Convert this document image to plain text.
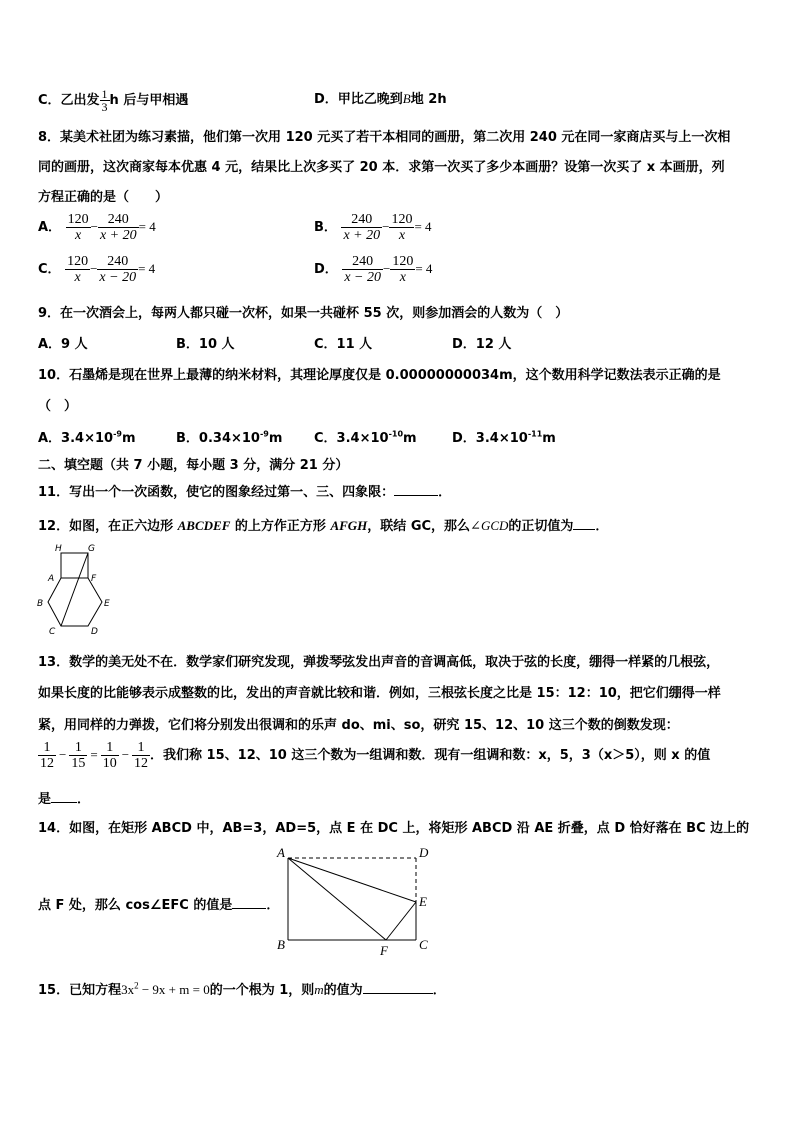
C．乙出发 $\frac{1}{3}$ h 后与甲相遇	D．甲比乙晚到B地 2h
8．某美术社团为练习素描，他们第一次用 120 元买了若干本相同的画册，第二次用 240 元在同一家商店买与上一次相
同的画册，这次商家每本优惠 4 元，结果比上次多买了 20 本．求第一次买了多少本画册？设第一次买了 x 本画册，列
方程正确的是（　　）
A． $\frac{120}{x} - \frac{240}{x + 20} = 4$	B． $\frac{240}{x + 20} - \frac{120}{x} = 4$
C． $\frac{120}{x} - \frac{240}{x - 20} = 4$	D． $\frac{240}{x - 20} - \frac{120}{x} = 4$
9．在一次酒会上，每两人都只碰一次杯，如果一共碰杯 55 次，则参加酒会的人数为（　）
A．9 人	B．10 人	C．11 人	D．12 人
10．石墨烯是现在世界上最薄的纳米材料，其理论厚度仅是 0.00000000034m，这个数用科学记数法表示正确的是
（　）
A．$3.4\times 10^{-9}m$	B．$0.34\times 10^{-9}m$ C．$3.4\times 10^{-10}m$	D．$3.4\times 10^{-11}m$
二、填空题（共 7 小题，每小题 3 分，满分 21 分）
11．写出一个一次函数，使它的图象经过第一、三、四象限：	．
12．如图，在正六边形 ABCDEF 的上方作正方形 AFGH，联结 GC，那么∠GCD的正切值为 ．
H	G
A	F
B	E
C	D
13．数学的美无处不在．数学家们研究发现，弹拨琴弦发出声音的音调高低，取决于弦的长度，绷得一样紧的几根弦，
如果长度的比能够表示成整数的比，发出的声音就比较和谐．例如，三根弦长度之比是 15：12：10，把它们绷得一样
紧，用同样的力弹拨，它们将分别发出很调和的乐声 do、mi、so，研究 15、12、10 这三个数的倒数发现：
$\frac{1}{12} - \frac{1}{15} = \frac{1}{10} - \frac{1}{12}$ ．我们称 15、12、10 这三个数为一组调和数．现有一组调和数：x，5，3（x＞5），则 x 的值
是 ．
14．如图，在矩形 ABCD 中，AB=3，AD=5，点 E 在 DC 上，将矩形 ABCD 沿 AE 折叠，点 D 恰好落在 BC 边上的
点 F 处，那么 cos∠EFC 的值是	．
A	D
E
B	F C
15．已知方程$3x^2 - 9x + m = 0$的一个根为 1，则m的值为	．
